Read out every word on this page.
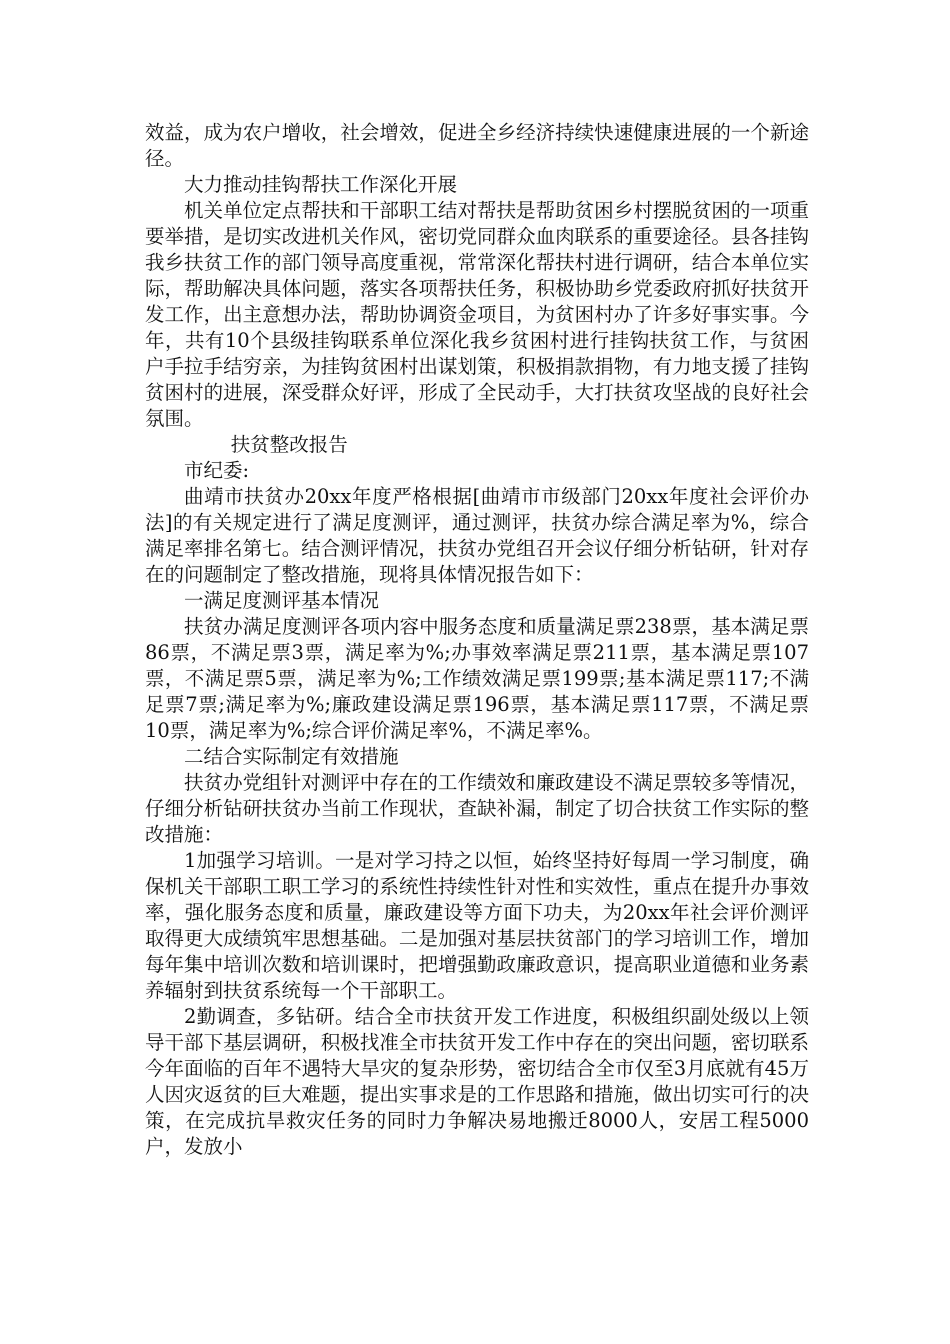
效益，成为农户增收，社会增效，促进全乡经济持续快速健康进展的一个新途径。

大力推动挂钩帮扶工作深化开展

机关单位定点帮扶和干部职工结对帮扶是帮助贫困乡村摆脱贫困的一项重要举措，是切实改进机关作风，密切党同群众血肉联系的重要途径。县各挂钩我乡扶贫工作的部门领导高度重视，常常深化帮扶村进行调研，结合本单位实际，帮助解决具体问题，落实各项帮扶任务，积极协助乡党委政府抓好扶贫开发工作，出主意想办法，帮助协调资金项目，为贫困村办了许多好事实事。今年，共有10个县级挂钩联系单位深化我乡贫困村进行挂钩扶贫工作，与贫困户手拉手结穷亲，为挂钩贫困村出谋划策，积极捐款捐物，有力地支援了挂钩贫困村的进展，深受群众好评，形成了全民动手，大打扶贫攻坚战的良好社会氛围。

扶贫整改报告

市纪委:

曲靖市扶贫办20xx年度严格根据[曲靖市市级部门20xx年度社会评价办法]的有关规定进行了满足度测评，通过测评，扶贫办综合满足率为%，综合满足率排名第七。结合测评情况，扶贫办党组召开会议仔细分析钻研，针对存在的问题制定了整改措施，现将具体情况报告如下：

一满足度测评基本情况

扶贫办满足度测评各项内容中服务态度和质量满足票238票，基本满足票86票，不满足票3票，满足率为%;办事效率满足票211票，基本满足票107票，不满足票5票，满足率为%;工作绩效满足票199票;基本满足票117;不满足票7票;满足率为%;廉政建设满足票196票，基本满足票117票，不满足票10票，满足率为%;综合评价满足率%，不满足率%。

二结合实际制定有效措施

扶贫办党组针对测评中存在的工作绩效和廉政建设不满足票较多等情况，仔细分析钻研扶贫办当前工作现状，查缺补漏，制定了切合扶贫工作实际的整改措施：

1加强学习培训。一是对学习持之以恒，始终坚持好每周一学习制度，确保机关干部职工职工学习的系统性持续性针对性和实效性，重点在提升办事效率，强化服务态度和质量，廉政建设等方面下功夫，为20xx年社会评价测评取得更大成绩筑牢思想基础。二是加强对基层扶贫部门的学习培训工作，增加每年集中培训次数和培训课时，把增强勤政廉政意识，提高职业道德和业务素养辐射到扶贫系统每一个干部职工。

2勤调查，多钻研。结合全市扶贫开发工作进度，积极组织副处级以上领导干部下基层调研，积极找准全市扶贫开发工作中存在的突出问题，密切联系今年面临的百年不遇特大旱灾的复杂形势，密切结合全市仅至3月底就有45万人因灾返贫的巨大难题，提出实事求是的工作思路和措施，做出切实可行的决策，在完成抗旱救灾任务的同时力争解决易地搬迁8000人，安居工程5000户，发放小
